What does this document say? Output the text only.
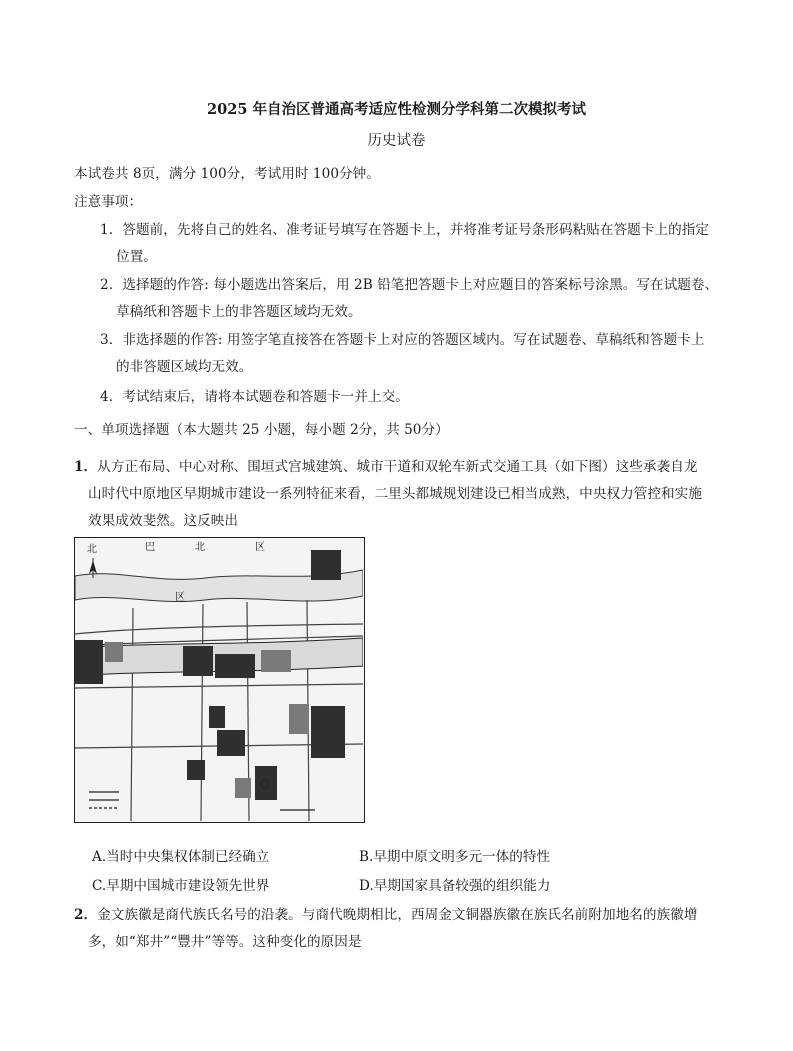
2025 年自治区普通高考适应性检测分学科第二次模拟考试
历史试卷
本试卷共 8页，满分 100分，考试用时 100分钟。
注意事项：
1．答题前，先将自己的姓名、准考证号填写在答题卡上，并将准考证号条形码粘贴在答题卡上的指定
位置。
2．选择题的作答: 每小题选出答案后，用 2B 铅笔把答题卡上对应题目的答案标号涂黑。写在试题卷、
草稿纸和答题卡上的非答题区域均无效。
3．非选择题的作答: 用签字笔直接答在答题卡上对应的答题区域内。写在试题卷、草稿纸和答题卡上
的非答题区域均无效。
4．考试结束后，请将本试题卷和答题卡一并上交。
一、单项选择题（本大题共 25 小题，每小题 2分，共 50分）
1．从方正布局、中心对称、围垣式宫城建筑、城市干道和双轮车新式交通工具（如下图）这些承袭自龙
山时代中原地区早期城市建设一系列特征来看，二里头都城规划建设已相当成熟，中央权力管控和实施
效果成效斐然。这反映出
北	区
巴	北
区
A.当时中央集权体制已经确立	B.早期中原文明多元一体的特性
C.早期中国城市建设领先世界	D.早期国家具备较强的组织能力
2．金文族徽是商代族氏名号的沿袭。与商代晚期相比，西周金文铜器族徽在族氏名前附加地名的族徽增
多，如“郑井”“豐井”等等。这种变化的原因是
